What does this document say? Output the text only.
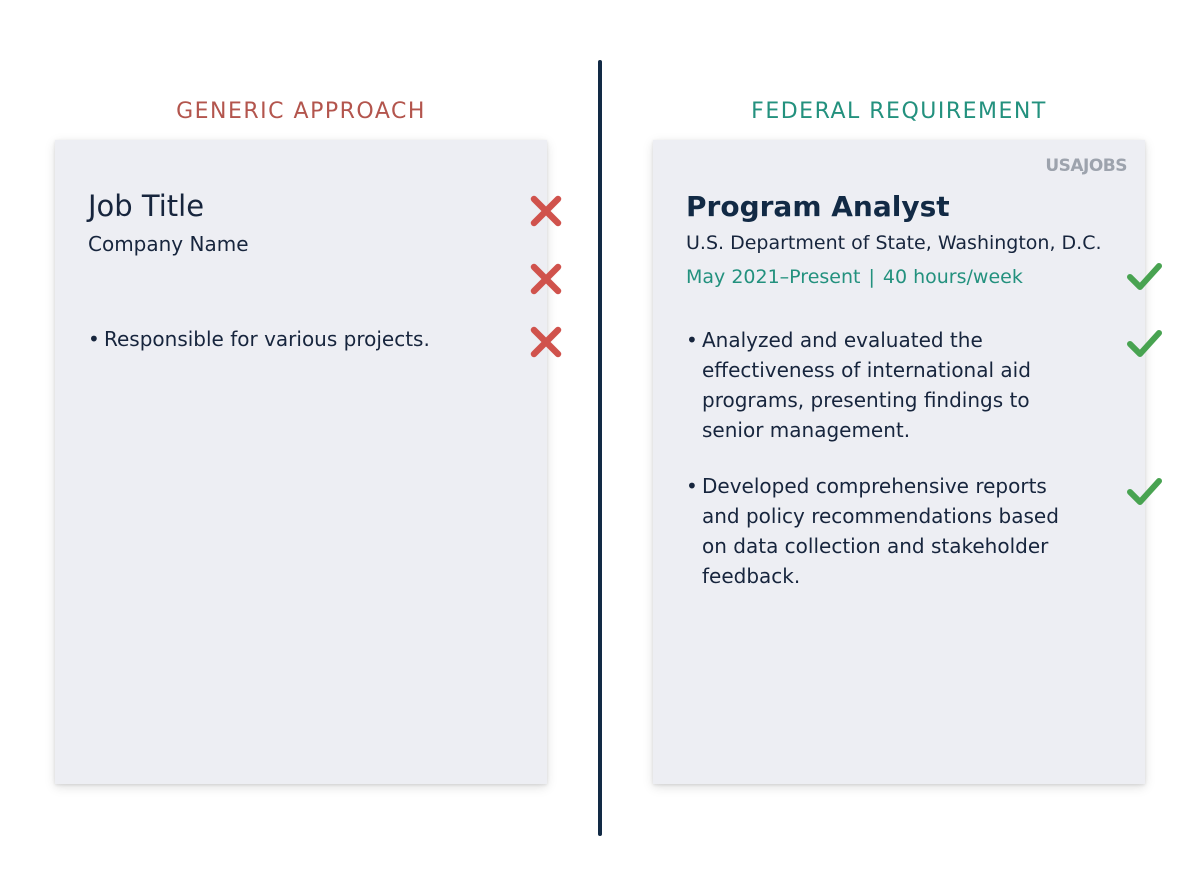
GENERIC APPROACH	FEDERAL REQUIREMENT

Job Title

Company Name

• Responsible for various projects.

USAJOBS

Program Analyst

U.S. Department of State, Washington, D.C.

May 2021–Present | 40 hours/week

• Analyzed and evaluated the effectiveness of international aid programs, presenting findings to senior management.

• Developed comprehensive reports and policy recommendations based on data collection and stakeholder feedback.
